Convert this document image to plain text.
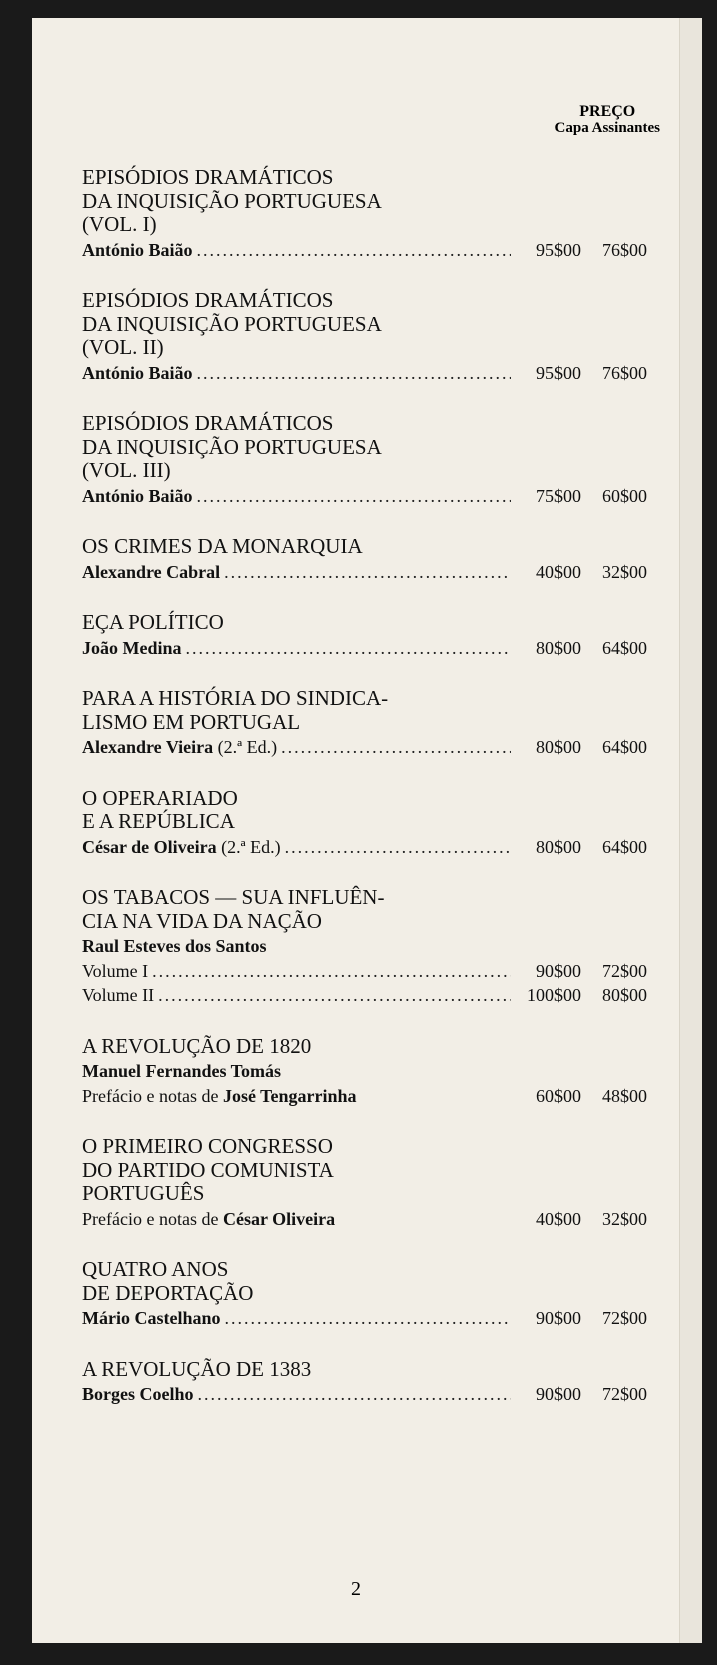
PREÇO
Capa Assinantes
EPISÓDIOS DRAMÁTICOS
DA INQUISIÇÃO PORTUGUESA
(VOL. I)
António Baião .....	95$00 76$00
EPISÓDIOS DRAMÁTICOS
DA INQUISIÇÃO PORTUGUESA
(VOL. II)
António Baião .....	95$00 76$00
EPISÓDIOS DRAMÁTICOS
DA INQUISIÇÃO PORTUGUESA
(VOL. III)
António Baião .....	75$00 60$00
OS CRIMES DA MONARQUIA
Alexandre Cabral .....	40$00 32$00
EÇA POLÍTICO
João Medina .....	80$00 64$00
PARA A HISTÓRIA DO SINDICA-
LISMO EM PORTUGAL
Alexandre Vieira (2.ª Ed.) .....	80$00 64$00
O OPERARIADO
E A REPÚBLICA
César de Oliveira (2.ª Ed.) .....	80$00 64$00
OS TABACOS — SUA INFLUÊN-
CIA NA VIDA DA NAÇÃO
Raul Esteves dos Santos
Volume I .....	90$00 72$00
Volume II .....	100$00 80$00
A REVOLUÇÃO DE 1820
Manuel Fernandes Tomás
Prefácio e notas de José Tengarrinha	60$00 48$00
O PRIMEIRO CONGRESSO
DO PARTIDO COMUNISTA
PORTUGUÊS
Prefácio e notas de César Oliveira	40$00 32$00
QUATRO ANOS
DE DEPORTAÇÃO
Mário Castelhano .....	90$00 72$00
A REVOLUÇÃO DE 1383
Borges Coelho .....	90$00 72$00
2
